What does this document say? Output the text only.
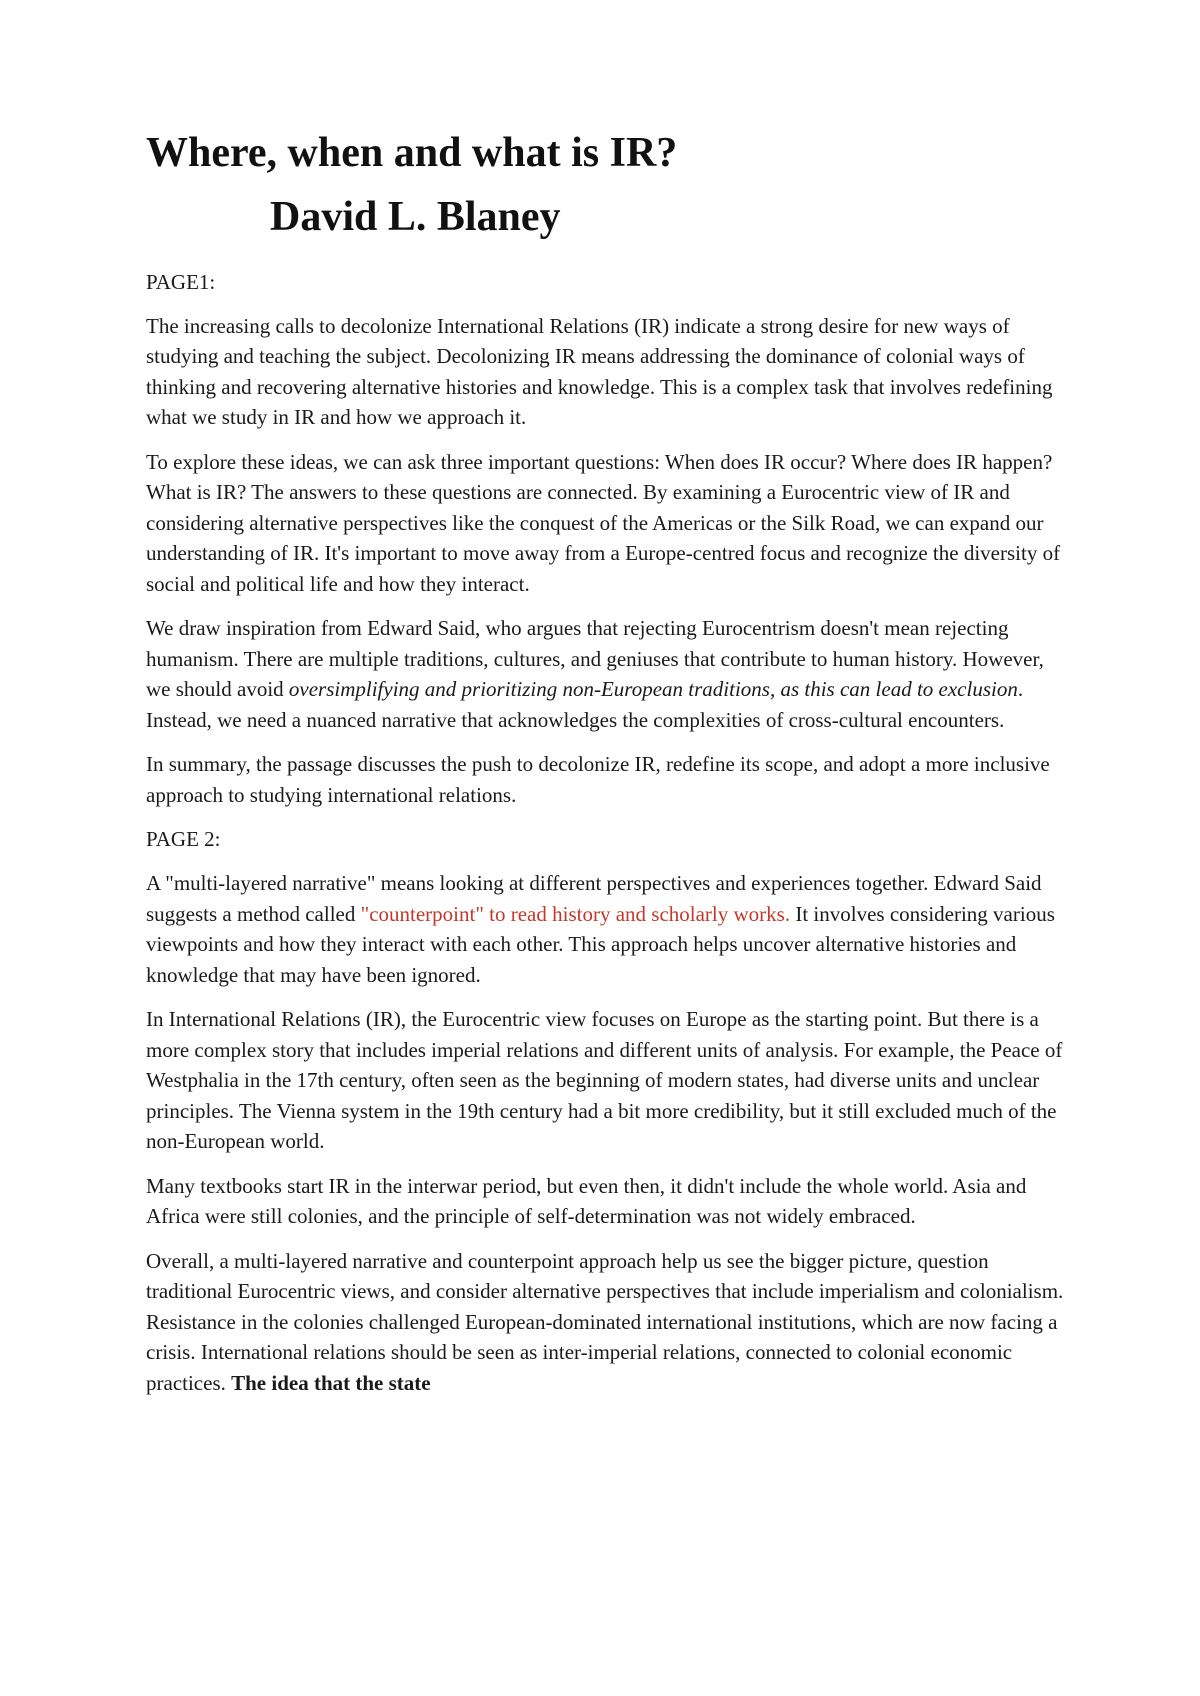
Where, when and what is IR?
David L. Blaney
PAGE1:

The increasing calls to decolonize International Relations (IR) indicate a strong desire for new ways of studying and teaching the subject. Decolonizing IR means addressing the dominance of colonial ways of thinking and recovering alternative histories and knowledge. This is a complex task that involves redefining what we study in IR and how we approach it.

To explore these ideas, we can ask three important questions: When does IR occur? Where does IR happen? What is IR? The answers to these questions are connected. By examining a Eurocentric view of IR and considering alternative perspectives like the conquest of the Americas or the Silk Road, we can expand our understanding of IR. It's important to move away from a Europe-centred focus and recognize the diversity of social and political life and how they interact.

We draw inspiration from Edward Said, who argues that rejecting Eurocentrism doesn't mean rejecting humanism. There are multiple traditions, cultures, and geniuses that contribute to human history. However, we should avoid oversimplifying and prioritizing non-European traditions, as this can lead to exclusion. Instead, we need a nuanced narrative that acknowledges the complexities of cross-cultural encounters.

In summary, the passage discusses the push to decolonize IR, redefine its scope, and adopt a more inclusive approach to studying international relations.

PAGE 2:

A "multi-layered narrative" means looking at different perspectives and experiences together. Edward Said suggests a method called "counterpoint" to read history and scholarly works. It involves considering various viewpoints and how they interact with each other. This approach helps uncover alternative histories and knowledge that may have been ignored.

In International Relations (IR), the Eurocentric view focuses on Europe as the starting point. But there is a more complex story that includes imperial relations and different units of analysis. For example, the Peace of Westphalia in the 17th century, often seen as the beginning of modern states, had diverse units and unclear principles. The Vienna system in the 19th century had a bit more credibility, but it still excluded much of the non-European world.

Many textbooks start IR in the interwar period, but even then, it didn't include the whole world. Asia and Africa were still colonies, and the principle of self-determination was not widely embraced.

Overall, a multi-layered narrative and counterpoint approach help us see the bigger picture, question traditional Eurocentric views, and consider alternative perspectives that include imperialism and colonialism. Resistance in the colonies challenged European-dominated international institutions, which are now facing a crisis. International relations should be seen as inter-imperial relations, connected to colonial economic practices. The idea that the state
